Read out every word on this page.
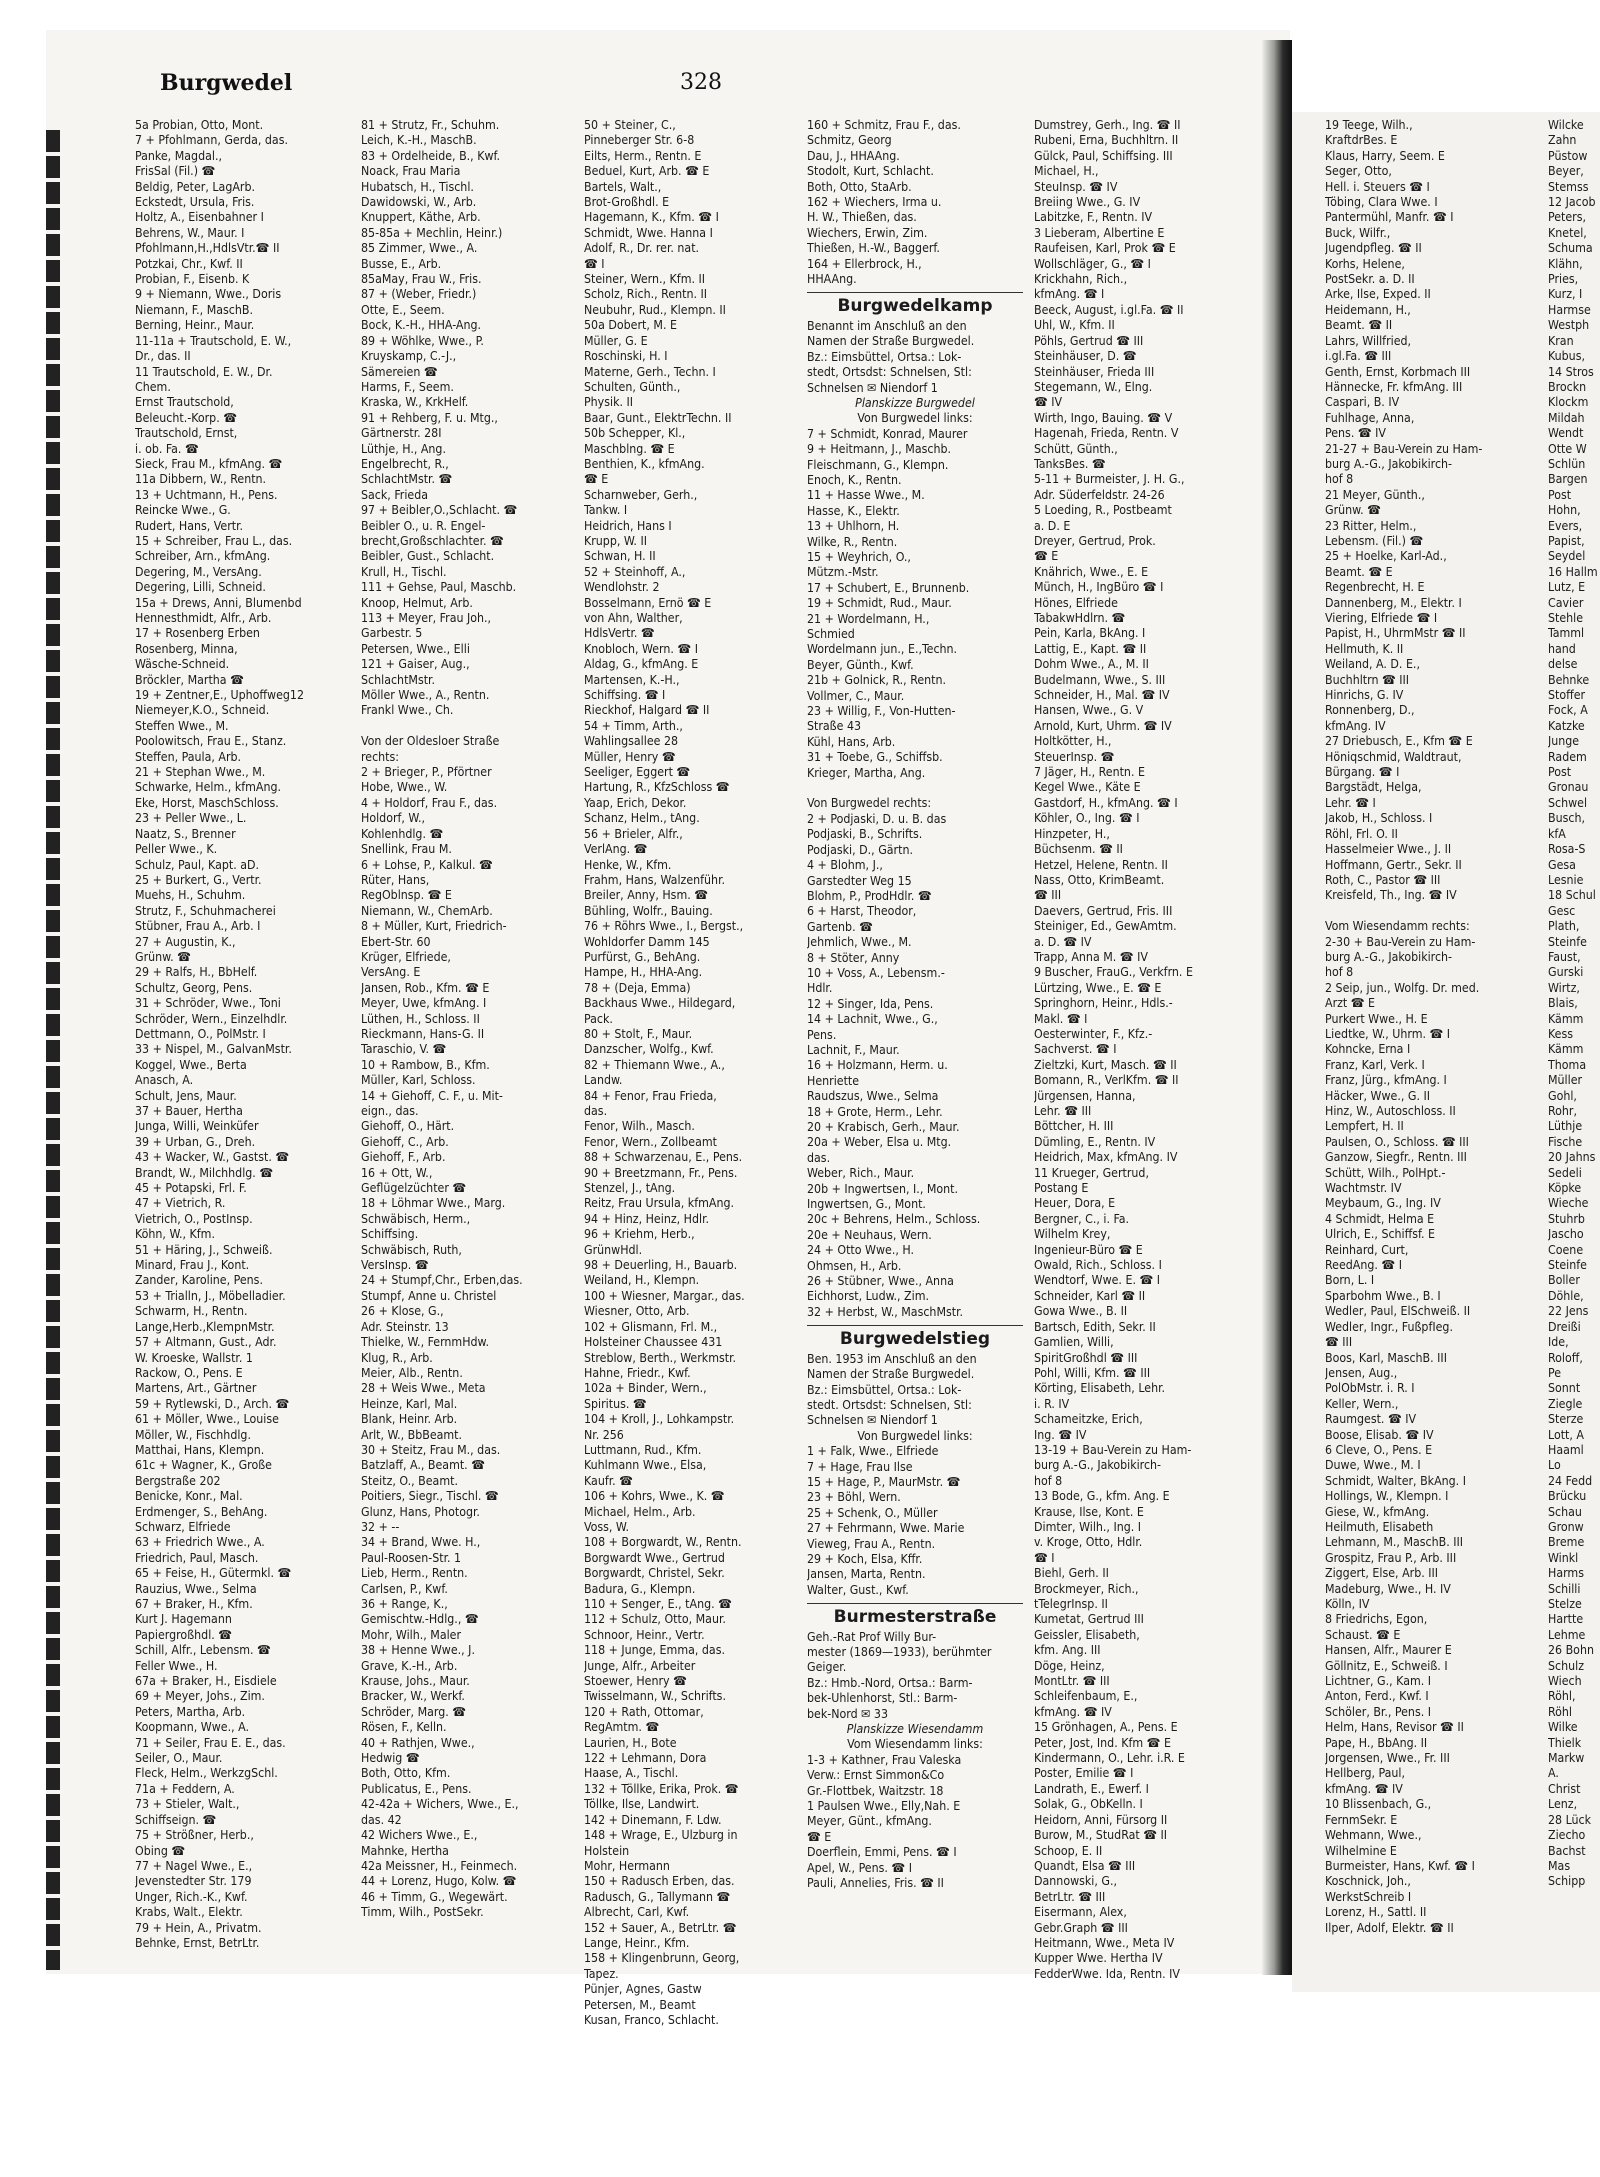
Burgwedel	328
5a Probian, Otto, Mont.
7 + Pfohlmann, Gerda, das.
Panke, Magdal.,
FrisSal (Fil.) ☎
Beldig, Peter, LagArb.
Eckstedt, Ursula, Fris.
Holtz, A., Eisenbahner I
Behrens, W., Maur. I
Pfohlmann,H.,HdlsVtr.☎ II
Potzkai, Chr., Kwf. II
Probian, F., Eisenb. K
9 + Niemann, Wwe., Doris
Niemann, F., MaschB.
Berning, Heinr., Maur.
11-11a + Trautschold, E. W.,
Dr., das. II
11 Trautschold, E. W., Dr.
Chem.
Ernst Trautschold,
Beleucht.-Korp. ☎
Trautschold, Ernst,
i. ob. Fa. ☎
Sieck, Frau M., kfmAng. ☎
11a Dibbern, W., Rentn.
13 + Uchtmann, H., Pens.
Reincke Wwe., G.
Rudert, Hans, Vertr.
15 + Schreiber, Frau L., das.
Schreiber, Arn., kfmAng.
Degering, M., VersAng.
Degering, Lilli, Schneid.
15a + Drews, Anni, Blumenbd
Hennesthmidt, Alfr., Arb.
17 + Rosenberg Erben
Rosenberg, Minna,
Wäsche-Schneid.
Bröckler, Martha ☎
19 + Zentner,E., Uphoffweg12
Niemeyer,K.O., Schneid.
Steffen Wwe., M.
Poolowitsch, Frau E., Stanz.
Steffen, Paula, Arb.
21 + Stephan Wwe., M.
Schwarke, Helm., kfmAng.
Eke, Horst, MaschSchloss.
23 + Peller Wwe., L.
Naatz, S., Brenner
Peller Wwe., K.
Schulz, Paul, Kapt. aD.
25 + Burkert, G., Vertr.
Muehs, H., Schuhm.
Strutz, F., Schuhmacherei
Stübner, Frau A., Arb. I
27 + Augustin, K.,
Grünw. ☎
29 + Ralfs, H., BbHelf.
Schultz, Georg, Pens.
31 + Schröder, Wwe., Toni
Schröder, Wern., Einzelhdlr.
Dettmann, O., PolMstr. I
33 + Nispel, M., GalvanMstr.
Koggel, Wwe., Berta
Anasch, A.
Schult, Jens, Maur.
37 + Bauer, Hertha
Junga, Willi, Weinküfer
39 + Urban, G., Dreh.
43 + Wacker, W., Gastst. ☎
Brandt, W., Milchhdlg. ☎
45 + Potapski, Frl. F.
47 + Vietrich, R.
Vietrich, O., PostInsp.
Köhn, W., Kfm.
51 + Häring, J., Schweiß.
Minard, Frau J., Kont.
Zander, Karoline, Pens.
53 + Trialln, J., Möbelladier.
Schwarm, H., Rentn.
Lange,Herb.,KlempnMstr.
57 + Altmann, Gust., Adr.
W. Kroeske, Wallstr. 1
Rackow, O., Pens. E
Martens, Art., Gärtner
59 + Rytlewski, D., Arch. ☎
61 + Möller, Wwe., Louise
Möller, W., Fischhdlg.
Matthai, Hans, Klempn.
61c + Wagner, K., Große
Bergstraße 202
Benicke, Konr., Mal.
Erdmenger, S., BehAng.
Schwarz, Elfriede
63 + Friedrich Wwe., A.
Friedrich, Paul, Masch.
65 + Feise, H., Gütermkl. ☎
Rauzius, Wwe., Selma
67 + Braker, H., Kfm.
Kurt J. Hagemann
Papiergroßhdl. ☎
Schill, Alfr., Lebensm. ☎
Feller Wwe., H.
67a + Braker, H., Eisdiele
69 + Meyer, Johs., Zim.
Peters, Martha, Arb.
Koopmann, Wwe., A.
71 + Seiler, Frau E. E., das.
Seiler, O., Maur.
Fleck, Helm., WerkzgSchl.
71a + Feddern, A.
73 + Stieler, Walt.,
Schiffseign. ☎
75 + Strößner, Herb.,
Obing ☎
77 + Nagel Wwe., E.,
Jevenstedter Str. 179
Unger, Rich.-K., Kwf.
Krabs, Walt., Elektr.
79 + Hein, A., Privatm.
Behnke, Ernst, BetrLtr.
81 + Strutz, Fr., Schuhm.
Leich, K.-H., MaschB.
83 + Ordelheide, B., Kwf.
Noack, Frau Maria
Hubatsch, H., Tischl.
Dawidowski, W., Arb.
Knuppert, Käthe, Arb.
85-85a + Mechlin, Heinr.)
85 Zimmer, Wwe., A.
Busse, E., Arb.
85aMay, Frau W., Fris.
87 + (Weber, Friedr.)
Otte, E., Seem.
Bock, K.-H., HHA-Ang.
89 + Wöhlke, Wwe., P.
Kruyskamp, C.-J.,
Sämereien ☎
Harms, F., Seem.
Kraska, W., KrkHelf.
91 + Rehberg, F. u. Mtg.,
Gärtnerstr. 28I
Lüthje, H., Ang.
Engelbrecht, R.,
SchlachtMstr. ☎
Sack, Frieda
97 + Beibler,O.,Schlacht. ☎
Beibler O., u. R. Engel-
brecht,Großschlachter. ☎
Beibler, Gust., Schlacht.
Krull, H., Tischl.
111 + Gehse, Paul, Maschb.
Knoop, Helmut, Arb.
113 + Meyer, Frau Joh.,
Garbestr. 5
Petersen, Wwe., Elli
121 + Gaiser, Aug.,
SchlachtMstr.
Möller Wwe., A., Rentn.
Frankl Wwe., Ch.

Von der Oldesloer Straße
rechts:
2 + Brieger, P., Pförtner
Hobe, Wwe., W.
4 + Holdorf, Frau F., das.
Holdorf, W.,
Kohlenhdlg. ☎
Snellink, Frau M.
6 + Lohse, P., Kalkul. ☎
Rüter, Hans,
RegOblnsp. ☎ E
Niemann, W., ChemArb.
8 + Müller, Kurt, Friedrich-
Ebert-Str. 60
Krüger, Elfriede,
VersAng. E
Jansen, Rob., Kfm. ☎ E
Meyer, Uwe, kfmAng. I
Lüthen, H., Schloss. II
Rieckmann, Hans-G. II
Taraschio, V. ☎
10 + Rambow, B., Kfm.
Müller, Karl, Schloss.
14 + Giehoff, C. F., u. Mit-
eign., das.
Giehoff, O., Härt.
Giehoff, C., Arb.
Giehoff, F., Arb.
16 + Ott, W.,
Geflügelzüchter ☎
18 + Löhmar Wwe., Marg.
Schwäbisch, Herm.,
Schiffsing.
Schwäbisch, Ruth,
VersInsp. ☎
24 + Stumpf,Chr., Erben,das.
Stumpf, Anne u. Christel
26 + Klose, G.,
Adr. Steinstr. 13
Thielke, W., FernmHdw.
Klug, R., Arb.
Meier, Alb., Rentn.
28 + Weis Wwe., Meta
Heinze, Karl, Mal.
Blank, Heinr. Arb.
Arlt, W., BbBeamt.
30 + Steitz, Frau M., das.
Batzlaff, A., Beamt. ☎
Steitz, O., Beamt.
Poitiers, Siegr., Tischl. ☎
Glunz, Hans, Photogr.
32 + --
34 + Brand, Wwe. H.,
Paul-Roosen-Str. 1
Lieb, Herm., Rentn.
Carlsen, P., Kwf.
36 + Range, K.,
Gemischtw.-Hdlg., ☎
Mohr, Wilh., Maler
38 + Henne Wwe., J.
Grave, K.-H., Arb.
Krause, Johs., Maur.
Bracker, W., Werkf.
Schröder, Marg. ☎
Rösen, F., Kelln.
40 + Rathjen, Wwe.,
Hedwig ☎
Both, Otto, Kfm.
Publicatus, E., Pens.
42-42a + Wichers, Wwe., E.,
das. 42
42 Wichers Wwe., E.,
Mahnke, Hertha
42a Meissner, H., Feinmech.
44 + Lorenz, Hugo, Kolw. ☎
46 + Timm, G., Wegewärt.
Timm, Wilh., PostSekr.
50 + Steiner, C.,
Pinneberger Str. 6-8
Eilts, Herm., Rentn. E
Beduel, Kurt, Arb. ☎ E
Bartels, Walt.,
Brot-Großhdl. E
Hagemann, K., Kfm. ☎ I
Schmidt, Wwe. Hanna I
Adolf, R., Dr. rer. nat.
☎ I
Steiner, Wern., Kfm. II
Scholz, Rich., Rentn. II
Neubuhr, Rud., Klempn. II
50a Dobert, M. E
Müller, G. E
Roschinski, H. I
Materne, Gerh., Techn. I
Schulten, Günth.,
Physik. II
Baar, Gunt., ElektrTechn. II
50b Schepper, Kl.,
Maschblng. ☎ E
Benthien, K., kfmAng.
☎ E
Scharnweber, Gerh.,
Tankw. I
Heidrich, Hans I
Krupp, W. II
Schwan, H. II
52 + Steinhoff, A.,
Wendlohstr. 2
Bosselmann, Ernö ☎ E
von Ahn, Walther,
HdlsVertr. ☎
Knobloch, Wern. ☎ I
Aldag, G., kfmAng. E
Martensen, K.-H.,
Schiffsing. ☎ I
Rieckhof, Halgard ☎ II
54 + Timm, Arth.,
Wahlingsallee 28
Müller, Henry ☎
Seeliger, Eggert ☎
Hartung, R., KfzSchloss ☎
Yaap, Erich, Dekor.
Schanz, Helm., tAng.
56 + Brieler, Alfr.,
VerlAng. ☎
Henke, W., Kfm.
Frahm, Hans, Walzenführ.
Breiler, Anny, Hsm. ☎
Bühling, Wolfr., Bauing.
76 + Röhrs Wwe., I., Bergst.,
Wohldorfer Damm 145
Purfürst, G., BehAng.
Hampe, H., HHA-Ang.
78 + (Deja, Emma)
Backhaus Wwe., Hildegard,
Pack.
80 + Stolt, F., Maur.
Danzscher, Wolfg., Kwf.
82 + Thiemann Wwe., A.,
Landw.
84 + Fenor, Frau Frieda,
das.
Fenor, Wilh., Masch.
Fenor, Wern., Zollbeamt
88 + Schwarzenau, E., Pens.
90 + Breetzmann, Fr., Pens.
Stenzel, J., tAng.
Reitz, Frau Ursula, kfmAng.
94 + Hinz, Heinz, Hdlr.
96 + Kriehm, Herb.,
GrünwHdl.
98 + Deuerling, H., Bauarb.
Weiland, H., Klempn.
100 + Wiesner, Margar., das.
Wiesner, Otto, Arb.
102 + Glismann, Frl. M.,
Holsteiner Chaussee 431
Streblow, Berth., Werkmstr.
Hahne, Friedr., Kwf.
102a + Binder, Wern.,
Spiritus. ☎
104 + Kroll, J., Lohkampstr.
Nr. 256
Luttmann, Rud., Kfm.
Kuhlmann Wwe., Elsa,
Kaufr. ☎
106 + Kohrs, Wwe., K. ☎
Michael, Helm., Arb.
Voss, W.
108 + Borgwardt, W., Rentn.
Borgwardt Wwe., Gertrud
Borgwardt, Christel, Sekr.
Badura, G., Klempn.
110 + Senger, E., tAng. ☎
112 + Schulz, Otto, Maur.
Schnoor, Heinr., Vertr.
118 + Junge, Emma, das.
Junge, Alfr., Arbeiter
Stoewer, Henry ☎
Twisselmann, W., Schrifts.
120 + Rath, Ottomar,
RegAmtm. ☎
Laurien, H., Bote
122 + Lehmann, Dora
Haase, A., Tischl.
132 + Töllke, Erika, Prok. ☎
Töllke, Ilse, Landwirt.
142 + Dinemann, F. Ldw.
148 + Wrage, E., Ulzburg in
Holstein
Mohr, Hermann
150 + Radusch Erben, das.
Radusch, G., Tallymann ☎
Albrecht, Carl, Kwf.
152 + Sauer, A., BetrLtr. ☎
Lange, Heinr., Kfm.
158 + Klingenbrunn, Georg,
Tapez.
Pünjer, Agnes, Gastw
Petersen, M., Beamt
Kusan, Franco, Schlacht.
160 + Schmitz, Frau F., das.
Schmitz, Georg
Dau, J., HHAAng.
Stodolt, Kurt, Schlacht.
Both, Otto, StaArb.
162 + Wiechers, Irma u.
H. W., Thießen, das.
Wiechers, Erwin, Zim.
Thießen, H.-W., Baggerf.
164 + Ellerbrock, H.,
HHAAng.
Burgwedelkamp
Benannt im Anschluß an den
Namen der Straße Burgwedel.
Bz.: Eimsbüttel, Ortsa.: Lok-
stedt, Ortsdst: Schnelsen, Stl:
Schnelsen ✉ Niendorf 1
Planskizze Burgwedel
Von Burgwedel links:
7 + Schmidt, Konrad, Maurer
9 + Heitmann, J., Maschb.
Fleischmann, G., Klempn.
Enoch, K., Rentn.
11 + Hasse Wwe., M.
Hasse, K., Elektr.
13 + Uhlhorn, H.
Wilke, R., Rentn.
15 + Weyhrich, O.,
Mützm.-Mstr.
17 + Schubert, E., Brunnenb.
19 + Schmidt, Rud., Maur.
21 + Wordelmann, H.,
Schmied
Wordelmann jun., E.,Techn.
Beyer, Günth., Kwf.
21b + Golnick, R., Rentn.
Vollmer, C., Maur.
23 + Willig, F., Von-Hutten-
Straße 43
Kühl, Hans, Arb.
31 + Toebe, G., Schiffsb.
Krieger, Martha, Ang.

Von Burgwedel rechts:
2 + Podjaski, D. u. B. das
Podjaski, B., Schrifts.
Podjaski, D., Gärtn.
4 + Blohm, J.,
Garstedter Weg 15
Blohm, P., ProdHdlr. ☎
6 + Harst, Theodor,
Gartenb. ☎
Jehmlich, Wwe., M.
8 + Stöter, Anny
10 + Voss, A., Lebensm.-
Hdlr.
12 + Singer, Ida, Pens.
14 + Lachnit, Wwe., G.,
Pens.
Lachnit, F., Maur.
16 + Holzmann, Herm. u.
Henriette
Raudszus, Wwe., Selma
18 + Grote, Herm., Lehr.
20 + Krabisch, Gerh., Maur.
20a + Weber, Elsa u. Mtg.
das.
Weber, Rich., Maur.
20b + Ingwertsen, I., Mont.
Ingwertsen, G., Mont.
20c + Behrens, Helm., Schloss.
20e + Neuhaus, Wern.
24 + Otto Wwe., H.
Ohmsen, H., Arb.
26 + Stübner, Wwe., Anna
Eichhorst, Ludw., Zim.
32 + Herbst, W., MaschMstr.
Burgwedelstieg
Ben. 1953 im Anschluß an den
Namen der Straße Burgwedel.
Bz.: Eimsbüttel, Ortsa.: Lok-
stedt. Ortsdst: Schnelsen, Stl:
Schnelsen ✉ Niendorf 1
Von Burgwedel links:
1 + Falk, Wwe., Elfriede
7 + Hage, Frau Ilse
15 + Hage, P., MaurMstr. ☎
23 + Böhl, Wern.
25 + Schenk, O., Müller
27 + Fehrmann, Wwe. Marie
Vieweg, Frau A., Rentn.
29 + Koch, Elsa, Kffr.
Jansen, Marta, Rentn.
Walter, Gust., Kwf.
Burmesterstraße
Geh.-Rat Prof Willy Bur-
mester (1869—1933), berühmter
Geiger.
Bz.: Hmb.-Nord, Ortsa.: Barm-
bek-Uhlenhorst, Stl.: Barm-
bek-Nord ✉ 33
Planskizze Wiesendamm
Vom Wiesendamm links:
1-3 + Kathner, Frau Valeska
Verw.: Ernst Simmon&Co
Gr.-Flottbek, Waitzstr. 18
1 Paulsen Wwe., Elly,Nah. E
Meyer, Günt., kfmAng.
☎ E
Doerflein, Emmi, Pens. ☎ I
Apel, W., Pens. ☎ I
Pauli, Annelies, Fris. ☎ II
Dumstrey, Gerh., Ing. ☎ II
Rubeni, Erna, Buchhltrn. II
Gülck, Paul, Schiffsing. III
Michael, H.,
SteuInsp. ☎ IV
Breiing Wwe., G. IV
Labitzke, F., Rentn. IV
3 Lieberam, Albertine E
Raufeisen, Karl, Prok ☎ E
Wollschläger, G., ☎ I
Krickhahn, Rich.,
kfmAng. ☎ I
Beeck, August, i.gl.Fa. ☎ II
Uhl, W., Kfm. II
Pöhls, Gertrud ☎ III
Steinhäuser, D. ☎
Steinhäuser, Frieda III
Stegemann, W., Elng.
☎ IV
Wirth, Ingo, Bauing. ☎ V
Hagenah, Frieda, Rentn. V
Schütt, Günth.,
TanksBes. ☎
5-11 + Burmeister, J. H. G.,
Adr. Süderfeldstr. 24-26
5 Loeding, R., Postbeamt
a. D. E
Dreyer, Gertrud, Prok.
☎ E
Knährich, Wwe., E. E
Münch, H., IngBüro ☎ I
Hönes, Elfriede
TabakwHdlrn. ☎
Pein, Karla, BkAng. I
Lattig, E., Kapt. ☎ II
Dohm Wwe., A., M. II
Budelmann, Wwe., S. III
Schneider, H., Mal. ☎ IV
Hansen, Wwe., G. V
Arnold, Kurt, Uhrm. ☎ IV
Holtkötter, H.,
SteuerInsp. ☎
7 Jäger, H., Rentn. E
Kegel Wwe., Käte E
Gastdorf, H., kfmAng. ☎ I
Köhler, O., Ing. ☎ I
Hinzpeter, H.,
Büchsenm. ☎ II
Hetzel, Helene, Rentn. II
Nass, Otto, KrimBeamt.
☎ III
Daevers, Gertrud, Fris. III
Steiniger, Ed., GewAmtm.
a. D. ☎ IV
Trapp, Anna M. ☎ IV
9 Buscher, FrauG., Verkfrn. E
Lürtzing, Wwe., E. ☎ E
Springhorn, Heinr., Hdls.-
Makl. ☎ I
Oesterwinter, F., Kfz.-
Sachverst. ☎ I
Zieltzki, Kurt, Masch. ☎ II
Bomann, R., VerlKfm. ☎ II
Jürgensen, Hanna,
Lehr. ☎ III
Böttcher, H. III
Dümling, E., Rentn. IV
Heidrich, Max, kfmAng. IV
11 Krueger, Gertrud,
Postang E
Heuer, Dora, E
Bergner, C., i. Fa.
Wilhelm Krey,
Ingenieur-Büro ☎ E
Owald, Rich., Schloss. I
Wendtorf, Wwe. E. ☎ I
Schneider, Karl ☎ II
Gowa Wwe., B. II
Bartsch, Edith, Sekr. II
Gamlien, Willi,
SpiritGroßhdl ☎ III
Pohl, Willi, Kfm. ☎ III
Körting, Elisabeth, Lehr.
i. R. IV
Schameitzke, Erich,
Ing. ☎ IV
13-19 + Bau-Verein zu Ham-
burg A.-G., Jakobikirch-
hof 8
13 Bode, G., kfm. Ang. E
Krause, Ilse, Kont. E
Dimter, Wilh., Ing. I
v. Kroge, Otto, Hdlr.
☎ I
Biehl, Gerh. II
Brockmeyer, Rich.,
tTelegrInsp. II
Kumetat, Gertrud III
Geissler, Elisabeth,
kfm. Ang. III
Döge, Heinz,
MontLtr. ☎ III
Schleifenbaum, E.,
kfmAng. ☎ IV
15 Grönhagen, A., Pens. E
Peter, Jost, Ind. Kfm ☎ E
Kindermann, O., Lehr. i.R. E
Poster, Emilie ☎ I
Landrath, E., Ewerf. I
Solak, G., ObKelln. I
Heidorn, Anni, Fürsorg II
Burow, M., StudRat ☎ II
Schoop, E. II
Quandt, Elsa ☎ III
Dannowski, G.,
BetrLtr. ☎ III
Eisermann, Alex,
Gebr.Graph ☎ III
Heitmann, Wwe., Meta IV
Kupper Wwe. Hertha IV
FedderWwe. Ida, Rentn. IV
19 Teege, Wilh.,
KraftdrBes. E
Klaus, Harry, Seem. E
Seger, Otto,
Hell. i. Steuers ☎ I
Töbing, Clara Wwe. I
Pantermühl, Manfr. ☎ I
Buck, Wilfr.,
Jugendpfleg. ☎ II
Korhs, Helene,
PostSekr. a. D. II
Arke, Ilse, Exped. II
Heidemann, H.,
Beamt. ☎ II
Lahrs, Willfried,
i.gl.Fa. ☎ III
Genth, Ernst, Korbmach III
Hännecke, Fr. kfmAng. III
Caspari, B. IV
Fuhlhage, Anna,
Pens. ☎ IV
21-27 + Bau-Verein zu Ham-
burg A.-G., Jakobikirch-
hof 8
21 Meyer, Günth.,
Grünw. ☎
23 Ritter, Helm.,
Lebensm. (Fil.) ☎
25 + Hoelke, Karl-Ad.,
Beamt. ☎ E
Regenbrecht, H. E
Dannenberg, M., Elektr. I
Viering, Elfriede ☎ I
Papist, H., UhrmMstr ☎ II
Hellmuth, K. II
Weiland, A. D. E.,
Buchhltrn ☎ III
Hinrichs, G. IV
Ronnenberg, D.,
kfmAng. IV
27 Driebusch, E., Kfm ☎ E
Höniqschmid, Waldtraut,
Bürgang. ☎ I
Bargstädt, Helga,
Lehr. ☎ I
Jakob, H., Schloss. I
Röhl, Frl. O. II
Hasselmeier Wwe., J. II
Hoffmann, Gertr., Sekr. II
Roth, C., Pastor ☎ III
Kreisfeld, Th., Ing. ☎ IV

Vom Wiesendamm rechts:
2-30 + Bau-Verein zu Ham-
burg A.-G., Jakobikirch-
hof 8
2 Seip, jun., Wolfg. Dr. med.
Arzt ☎ E
Purkert Wwe., H. E
Liedtke, W., Uhrm. ☎ I
Kohncke, Erna I
Franz, Karl, Verk. I
Franz, Jürg., kfmAng. I
Häcker, Wwe., G. II
Hinz, W., Autoschloss. II
Lempfert, H. II
Paulsen, O., Schloss. ☎ III
Ganzow, Siegfr., Rentn. III
Schütt, Wilh., PolHpt.-
Wachtmstr. IV
Meybaum, G., Ing. IV
4 Schmidt, Helma E
Ulrich, E., Schiffsf. E
Reinhard, Curt,
ReedAng. ☎ I
Born, L. I
Sparbohm Wwe., B. I
Wedler, Paul, ElSchweiß. II
Wedler, Ingr., FußpfIeg.
☎ III
Boos, Karl, MaschB. III
Jensen, Aug.,
PolObMstr. i. R. I
Keller, Wern.,
Raumgest. ☎ IV
Boose, Elisab. ☎ IV
6 Cleve, O., Pens. E
Duwe, Wwe., M. I
Schmidt, Walter, BkAng. I
Hollings, W., Klempn. I
Giese, W., kfmAng.
Heilmuth, Elisabeth
Lehmann, M., MaschB. III
Grospitz, Frau P., Arb. III
Ziggert, Else, Arb. III
Madeburg, Wwe., H. IV
Kölln, IV
8 Friedrichs, Egon,
Schaust. ☎ E
Hansen, Alfr., Maurer E
Göllnitz, E., Schweiß. I
Lichtner, G., Kam. I
Anton, Ferd., Kwf. I
Schöler, Br., Pens. I
Helm, Hans, Revisor ☎ II
Pape, H., BbAng. II
Jorgensen, Wwe., Fr. III
Hellberg, Paul,
kfmAng. ☎ IV
10 Blissenbach, G.,
FernmSekr. E
Wehmann, Wwe.,
Wilhelmine E
Burmeister, Hans, Kwf. ☎ I
Koschnick, Joh.,
WerkstSchreib I
Lorenz, H., Sattl. II
Ilper, Adolf, Elektr. ☎ II
Wilcke
Zahn
Püstow
Beyer,
Stemss
12 Jacob
Peters,
Knetel,
Schuma
Klähn,
Pries,
Kurz, I
Harmse
Westph
Kran
Kubus,
14 Stros
Brockn
Klockm
Mildah
Wendt
Otte W
Schlün
Bargen
Post
Hohn,
Evers,
Papist,
Seydel
16 Hallm
Lutz, E
Cavier
Stehle
Tamml
hand
delse
Behnke
Stoffer
Fock, A
Katzke
Junge
Radem
Post
Gronau
Schwel
Busch,
kfA
Rosa-S
Gesa
Lesnie
18 Schul
Gesc
Plath,
Steinfe
Faust,
Gurski
Wirtz,
Blais,
Kämm
Kess
Kämm
Thoma
Müller
Gohl,
Rohr,
Lüthje
Fische
20 Jahns
Sedeli
Köpke
Wieche
Stuhrb
Jascho
Coene
Steinfe
Boller
Döhle,
22 Jens
Dreißi
Ide,
Roloff,
Pe
Sonnt
Ziegle
Sterze
Lott, A
Haaml
Lo
24 Fedd
Brücku
Schau
Gronw
Breme
Winkl
Harms
Schilli
Stelze
Hartte
Lehme
26 Bohn
Schulz
Wiech
Röhl,
Röhl
Wilke
Thielk
Markw
A.
Christ
Lenz,
28 Lück
Ziecho
Bachst
Mas
Schipp
